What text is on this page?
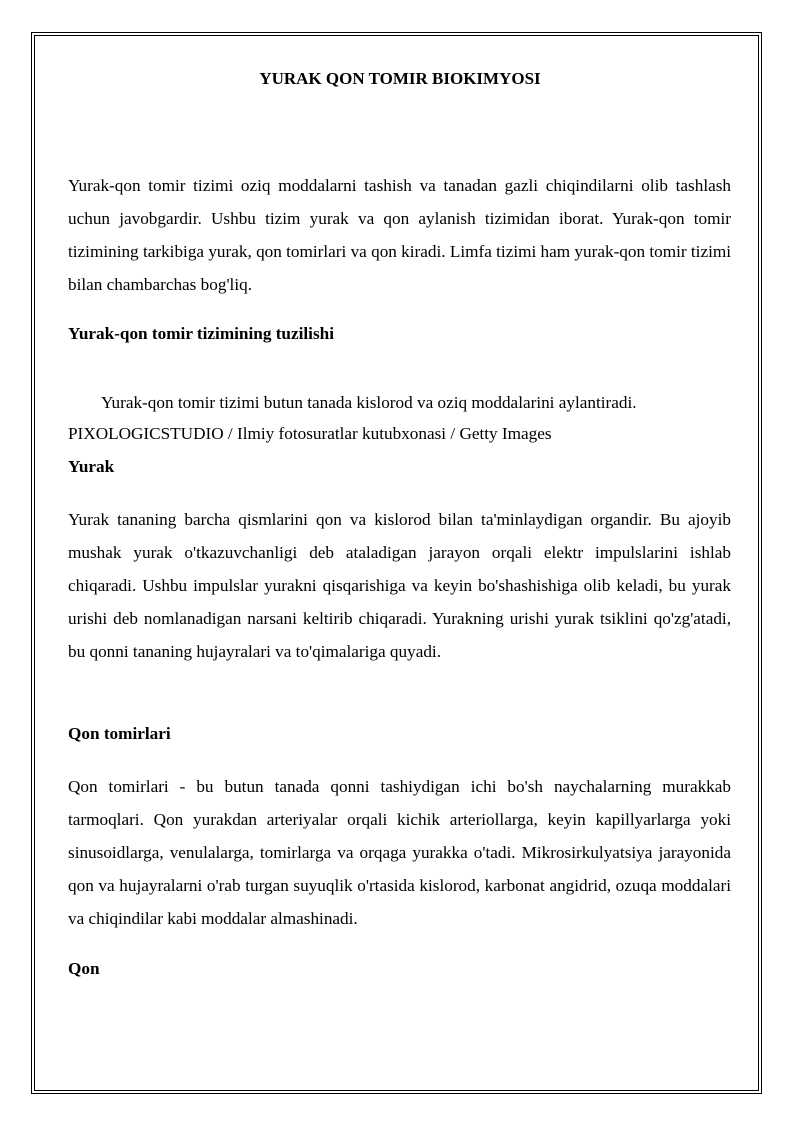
YURAK QON TOMIR BIOKIMYOSI

Yurak-qon tomir tizimi oziq moddalarni tashish va tanadan gazli chiqindilarni olib tashlash uchun javobgardir. Ushbu tizim yurak va qon aylanish tizimidan iborat. Yurak-qon tomir tizimining tarkibiga yurak, qon tomirlari va qon kiradi. Limfa tizimi ham yurak-qon tomir tizimi bilan chambarchas bog'liq.

Yurak-qon tomir tizimining tuzilishi

Yurak-qon tomir tizimi butun tanada kislorod va oziq moddalarini aylantiradi.

PIXOLOGICSTUDIO / Ilmiy fotosuratlar kutubxonasi / Getty Images

Yurak

Yurak tananing barcha qismlarini qon va kislorod bilan ta'minlaydigan organdir. Bu ajoyib mushak yurak o'tkazuvchanligi deb ataladigan jarayon orqali elektr impulslarini ishlab chiqaradi. Ushbu impulslar yurakni qisqarishiga va keyin bo'shashishiga olib keladi, bu yurak urishi deb nomlanadigan narsani keltirib chiqaradi. Yurakning urishi yurak tsiklini qo'zg'atadi, bu qonni tananing hujayralari va to'qimalariga quyadi.

Qon tomirlari

Qon tomirlari - bu butun tanada qonni tashiydigan ichi bo'sh naychalarning murakkab tarmoqlari. Qon yurakdan arteriyalar orqali kichik arteriollarga, keyin kapillyarlarga yoki sinusoidlarga, venulalarga, tomirlarga va orqaga yurakka o'tadi. Mikrosirkulyatsiya jarayonida qon va hujayralarni o'rab turgan suyuqlik o'rtasida kislorod, karbonat angidrid, ozuqa moddalari va chiqindilar kabi moddalar almashinadi.

Qon
